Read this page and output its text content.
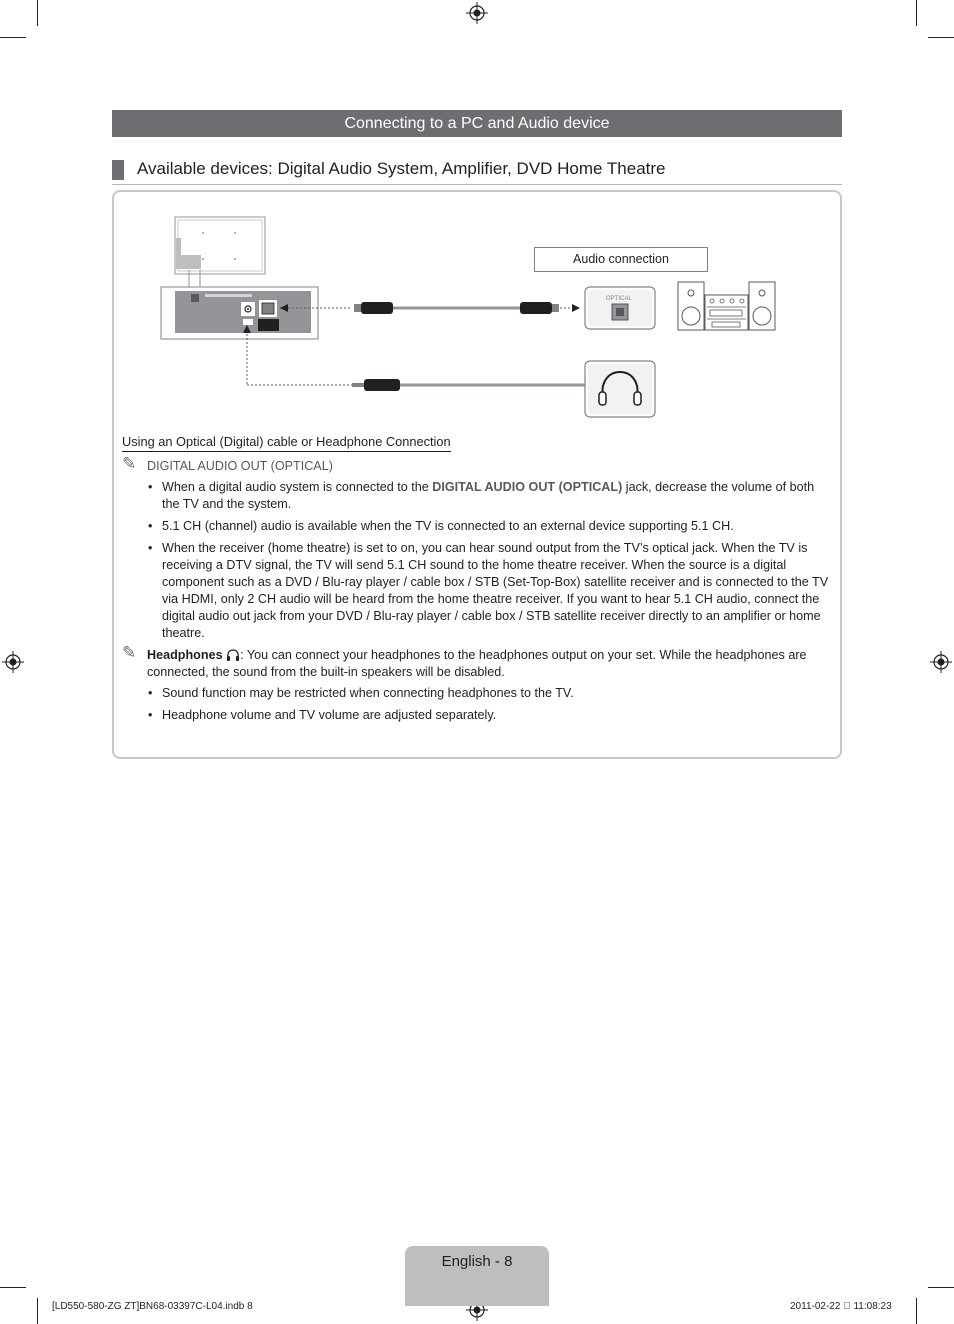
Connecting to a PC and Audio device
Available devices: Digital Audio System, Amplifier, DVD Home Theatre
OPTICAL
Audio connection
Using an Optical (Digital) cable or Headphone Connection
✎ DIGITAL AUDIO OUT (OPTICAL)
• When a digital audio system is connected to the DIGITAL AUDIO OUT (OPTICAL) jack, decrease the volume of both the TV and the system.
• 5.1 CH (channel) audio is available when the TV is connected to an external device supporting 5.1 CH.
• When the receiver (home theatre) is set to on, you can hear sound output from the TV’s optical jack. When the TV is receiving a DTV signal, the TV will send 5.1 CH sound to the home theatre receiver. When the source is a digital component such as a DVD / Blu-ray player / cable box / STB (Set-Top-Box) satellite receiver and is connected to the TV via HDMI, only 2 CH audio will be heard from the home theatre receiver. If you want to hear 5.1 CH audio, connect the digital audio out jack from your DVD / Blu-ray player / cable box / STB satellite receiver directly to an amplifier or home theatre.
✎ Headphones : You can connect your headphones to the headphones output on your set. While the headphones are connected, the sound from the built-in speakers will be disabled.
• Sound function may be restricted when connecting headphones to the TV.
• Headphone volume and TV volume are adjusted separately.
English - 8
[LD550-580-ZG ZT]BN68-03397C-L04.indb 8	2011-02-22 ￿ 11:08:23
